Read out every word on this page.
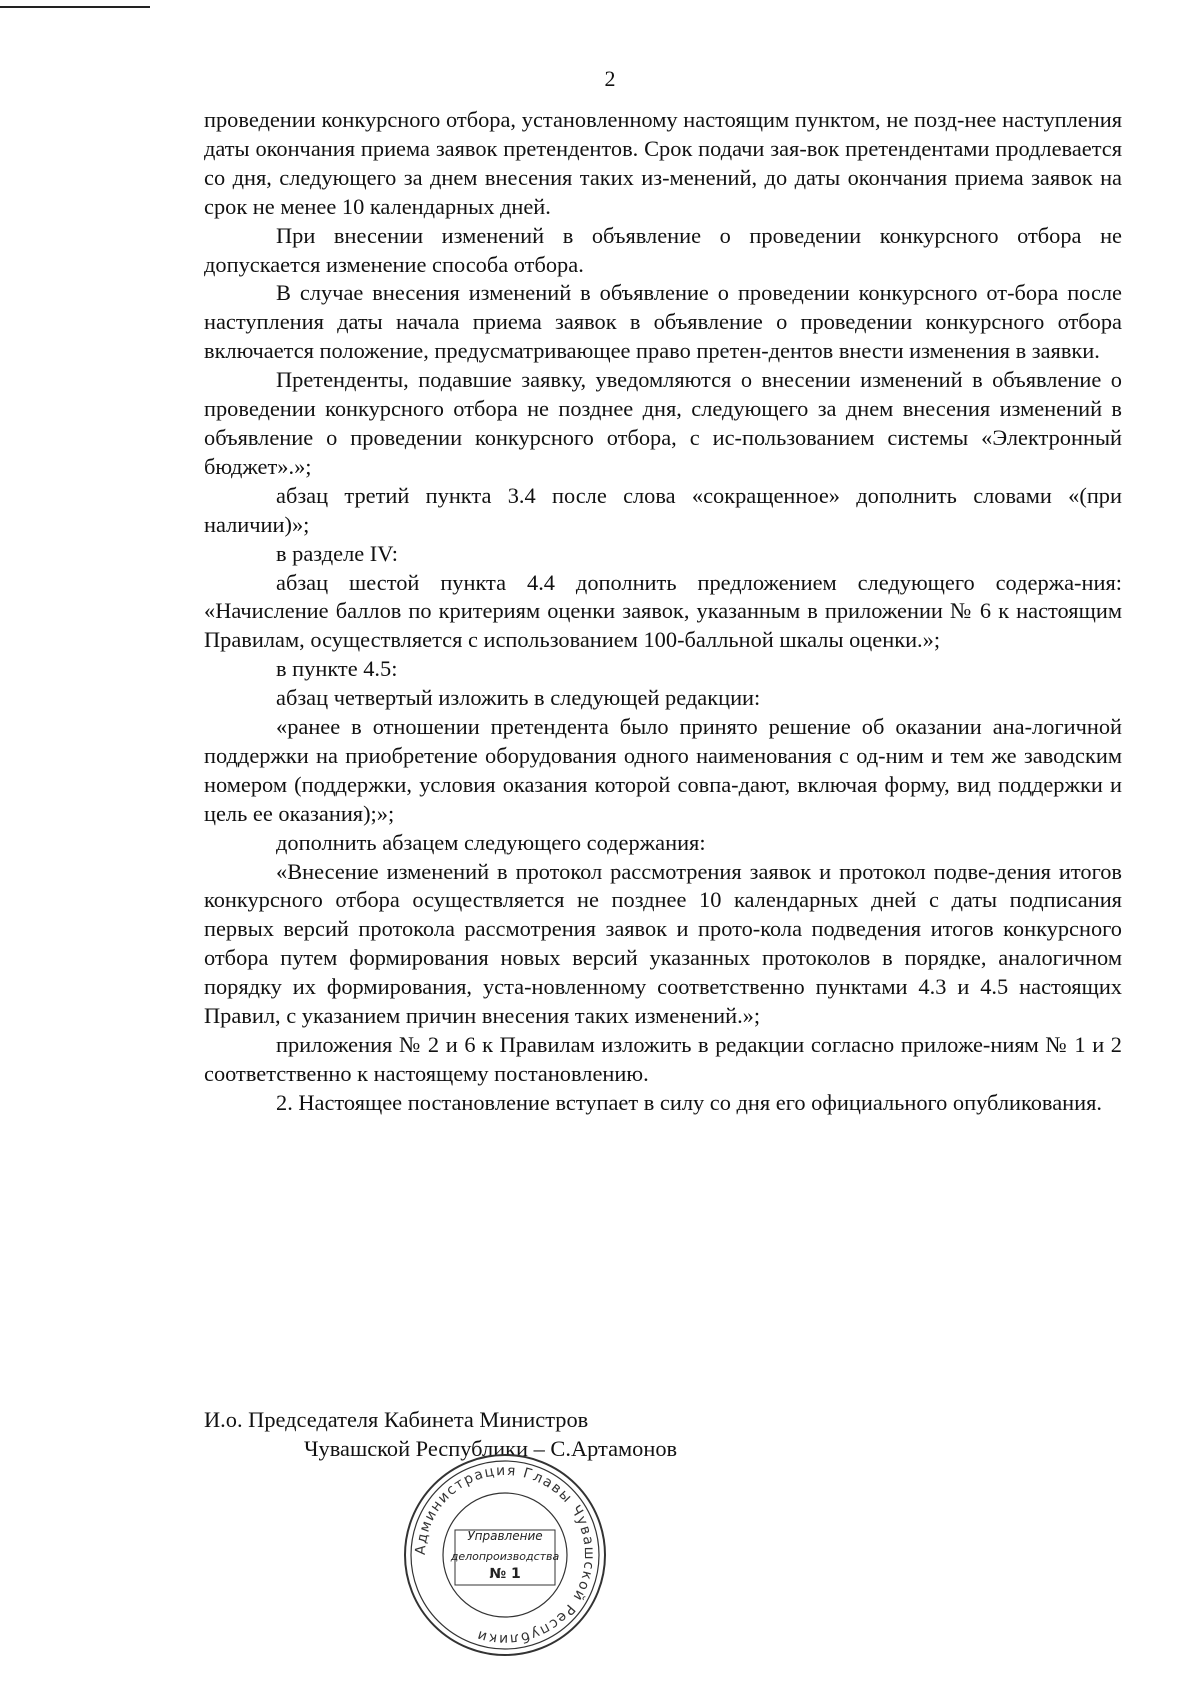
2

проведении конкурсного отбора, установленному настоящим пунктом, не позд-нее наступления даты окончания приема заявок претендентов. Срок подачи зая-вок претендентами продлевается со дня, следующего за днем внесения таких из-менений, до даты окончания приема заявок на срок не менее 10 календарных дней.

При внесении изменений в объявление о проведении конкурсного отбора не допускается изменение способа отбора.

В случае внесения изменений в объявление о проведении конкурсного от-бора после наступления даты начала приема заявок в объявление о проведении конкурсного отбора включается положение, предусматривающее право претен-дентов внести изменения в заявки.

Претенденты, подавшие заявку, уведомляются о внесении изменений в объявление о проведении конкурсного отбора не позднее дня, следующего за днем внесения изменений в объявление о проведении конкурсного отбора, с ис-пользованием системы «Электронный бюджет».»;

абзац третий пункта 3.4 после слова «сокращенное» дополнить словами «(при наличии)»;

в разделе IV:

абзац шестой пункта 4.4 дополнить предложением следующего содержа-ния: «Начисление баллов по критериям оценки заявок, указанным в приложении № 6 к настоящим Правилам, осуществляется с использованием 100-балльной шкалы оценки.»;

в пункте 4.5:

абзац четвертый изложить в следующей редакции:

«ранее в отношении претендента было принято решение об оказании ана-логичной поддержки на приобретение оборудования одного наименования с од-ним и тем же заводским номером (поддержки, условия оказания которой совпа-дают, включая форму, вид поддержки и цель ее оказания);»;

дополнить абзацем следующего содержания:

«Внесение изменений в протокол рассмотрения заявок и протокол подве-дения итогов конкурсного отбора осуществляется не позднее 10 календарных дней с даты подписания первых версий протокола рассмотрения заявок и прото-кола подведения итогов конкурсного отбора путем формирования новых версий указанных протоколов в порядке, аналогичном порядку их формирования, уста-новленному соответственно пунктами 4.3 и 4.5 настоящих Правил, с указанием причин внесения таких изменений.»;

приложения № 2 и 6 к Правилам изложить в редакции согласно приложе-ниям № 1 и 2 соответственно к настоящему постановлению.

2. Настоящее постановление вступает в силу со дня его официального опубликования.

И.о. Председателя Кабинета Министров
Чувашской Республики – С.Артамонов
Администрация Главы Чувашской Республики
Управление
делопроизводства
№ 1
